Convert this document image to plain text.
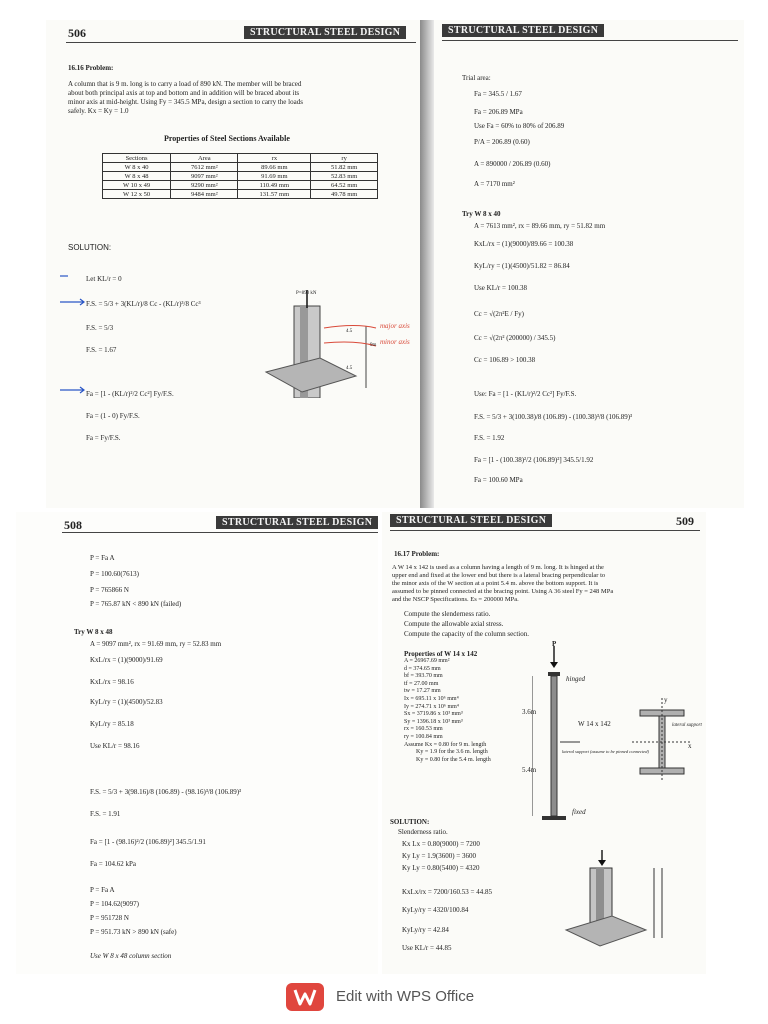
506	STRUCTURAL STEEL DESIGN
16.16 Problem:
A column that is 9 m. long is to carry a load of 890 kN. The member will be braced
about both principal axis at top and bottom and in addition will be braced about its
minor axis at mid-height. Using Fy = 345.5 MPa, design a section to carry the loads
safely. Kx = Ky = 1.0
Properties of Steel Sections Available
Sections	Area	rx	ry
W 8 x 40	7612 mm²	89.66 mm	51.82 mm
W 8 x 48	9097 mm²	91.69 mm	52.83 mm
W 10 x 49	9290 mm²	110.49 mm	64.52 mm
W 12 x 50	9484 mm²	131.57 mm	49.78 mm
SOLUTION:
Let KL/r = 0
F.S. = 5/3 + 3(KL/r)/8 Cc - (KL/r)³/8 Cc³
F.S. = 5/3
F.S. = 1.67
Fa = [1 - (KL/r)²/2 Cc²] Fy/F.S.
Fa = (1 - 0) Fy/F.S.
Fa = Fy/F.S.
P=890 kN
major axis
minor axis
4.5
9m
4.5
STRUCTURAL STEEL DESIGN
Trial area:
Fa = 345.5 / 1.67
Fa = 206.89 MPa
Use Fa = 60% to 80% of 206.89
P/A = 206.89 (0.60)
A = 890000 / 206.89 (0.60)
A = 7170 mm²
Try W 8 x 40
A = 7613 mm², rx = 89.66 mm, ry = 51.82 mm
KxL/rx = (1)(9000)/89.66 = 100.38
KyL/ry = (1)(4500)/51.82 = 86.84
Use KL/r = 100.38
Cc = √(2π²E / Fy)
Cc = √(2π² (200000) / 345.5)
Cc = 106.89 > 100.38
Use: Fa = [1 - (KL/r)²/2 Cc²] Fy/F.S.
F.S. = 5/3 + 3(100.38)/8 (106.89) - (100.38)³/8 (106.89)³
F.S. = 1.92
Fa = [1 - (100.38)²/2 (106.89)²] 345.5/1.92
Fa = 100.60 MPa
508	STRUCTURAL STEEL DESIGN
P = Fa A
P = 100.60(7613)
P = 765866 N
P = 765.87 kN < 890 kN (failed)
Try W 8 x 48
A = 9097 mm², rx = 91.69 mm, ry = 52.83 mm
KxL/rx = (1)(9000)/91.69
KxL/rx = 98.16
KyL/ry = (1)(4500)/52.83
KyL/ry = 85.18
Use KL/r = 98.16
F.S. = 5/3 + 3(98.16)/8 (106.89) - (98.16)³/8 (106.89)³
F.S. = 1.91
Fa = [1 - (98.16)²/2 (106.89)²] 345.5/1.91
Fa = 104.62 kPa
P = Fa A
P = 104.62(9097)
P = 951728 N
P = 951.73 kN > 890 kN (safe)
Use W 8 x 48 column section
STRUCTURAL STEEL DESIGN	509
16.17 Problem:
A W 14 x 142 is used as a column having a length of 9 m. long. It is hinged at the
upper end and fixed at the lower end but there is a lateral bracing perpendicular to
the minor axis of the W section at a point 5.4 m. above the bottom support. It is
assumed to be pinned connected at the bracing point. Using A 36 steel Fy = 248 MPa
and the NSCP Specifications. Es = 200000 MPa.
Compute the slenderness ratio.
Compute the allowable axial stress.
Compute the capacity of the column section.
Properties of W 14 x 142
A = 26967.69 mm²
d = 374.65 mm
bf = 393.70 mm
tf = 27.00 mm
tw = 17.27 mm
Ix = 695.11 x 10⁶ mm⁴
Iy = 274.71 x 10⁶ mm⁴
Sx = 3719.86 x 10³ mm³
Sy = 1396.18 x 10³ mm³
rx = 160.53 mm
ry = 100.84 mm
Assume Kx = 0.80 for 9 m. length
Ky = 1.9 for the 3.6 m. length
Ky = 0.80 for the 5.4 m. length
P
hinged
3.6m
W 14 x 142
lateral support (assume to be pinned connected)
5.4m
fixed
lateral support
x
y
SOLUTION:
Slenderness ratio.
Kx Lx = 0.80(9000) = 7200
Ky Ly = 1.9(3600) = 3600
Ky Ly = 0.80(5400) = 4320
KxLx/rx = 7200/160.53 = 44.85
KyLy/ry = 4320/100.84
KyLy/ry = 42.84
Use KL/r = 44.85
Edit with WPS Office
